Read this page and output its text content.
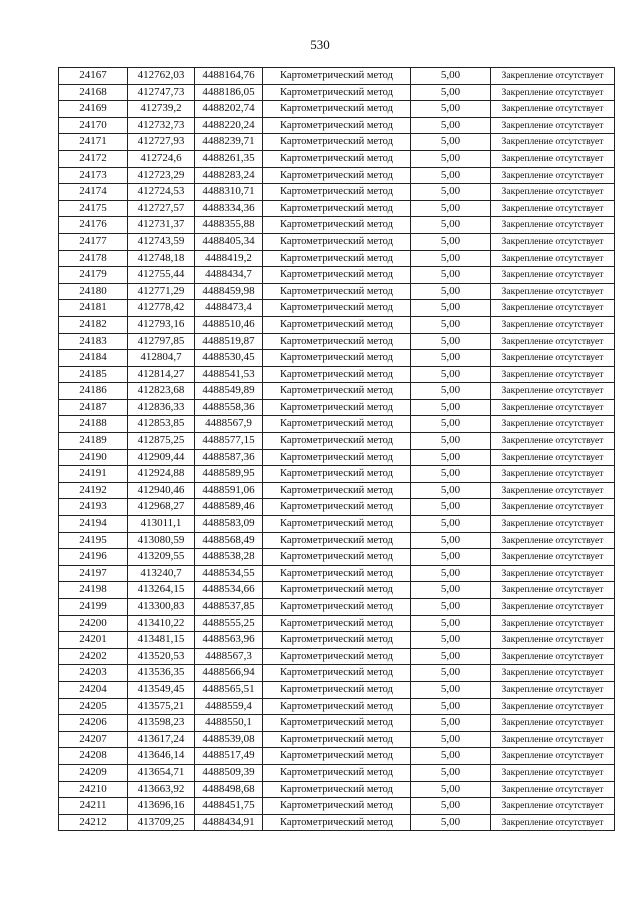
530
24167	412762,03	4488164,76	Картометрический метод	5,00	Закрепление отсутствует
24168	412747,73	4488186,05	Картометрический метод	5,00	Закрепление отсутствует
24169	412739,2	4488202,74	Картометрический метод	5,00	Закрепление отсутствует
24170	412732,73	4488220,24	Картометрический метод	5,00	Закрепление отсутствует
24171	412727,93	4488239,71	Картометрический метод	5,00	Закрепление отсутствует
24172	412724,6	4488261,35	Картометрический метод	5,00	Закрепление отсутствует
24173	412723,29	4488283,24	Картометрический метод	5,00	Закрепление отсутствует
24174	412724,53	4488310,71	Картометрический метод	5,00	Закрепление отсутствует
24175	412727,57	4488334,36	Картометрический метод	5,00	Закрепление отсутствует
24176	412731,37	4488355,88	Картометрический метод	5,00	Закрепление отсутствует
24177	412743,59	4488405,34	Картометрический метод	5,00	Закрепление отсутствует
24178	412748,18	4488419,2	Картометрический метод	5,00	Закрепление отсутствует
24179	412755,44	4488434,7	Картометрический метод	5,00	Закрепление отсутствует
24180	412771,29	4488459,98	Картометрический метод	5,00	Закрепление отсутствует
24181	412778,42	4488473,4	Картометрический метод	5,00	Закрепление отсутствует
24182	412793,16	4488510,46	Картометрический метод	5,00	Закрепление отсутствует
24183	412797,85	4488519,87	Картометрический метод	5,00	Закрепление отсутствует
24184	412804,7	4488530,45	Картометрический метод	5,00	Закрепление отсутствует
24185	412814,27	4488541,53	Картометрический метод	5,00	Закрепление отсутствует
24186	412823,68	4488549,89	Картометрический метод	5,00	Закрепление отсутствует
24187	412836,33	4488558,36	Картометрический метод	5,00	Закрепление отсутствует
24188	412853,85	4488567,9	Картометрический метод	5,00	Закрепление отсутствует
24189	412875,25	4488577,15	Картометрический метод	5,00	Закрепление отсутствует
24190	412909,44	4488587,36	Картометрический метод	5,00	Закрепление отсутствует
24191	412924,88	4488589,95	Картометрический метод	5,00	Закрепление отсутствует
24192	412940,46	4488591,06	Картометрический метод	5,00	Закрепление отсутствует
24193	412968,27	4488589,46	Картометрический метод	5,00	Закрепление отсутствует
24194	413011,1	4488583,09	Картометрический метод	5,00	Закрепление отсутствует
24195	413080,59	4488568,49	Картометрический метод	5,00	Закрепление отсутствует
24196	413209,55	4488538,28	Картометрический метод	5,00	Закрепление отсутствует
24197	413240,7	4488534,55	Картометрический метод	5,00	Закрепление отсутствует
24198	413264,15	4488534,66	Картометрический метод	5,00	Закрепление отсутствует
24199	413300,83	4488537,85	Картометрический метод	5,00	Закрепление отсутствует
24200	413410,22	4488555,25	Картометрический метод	5,00	Закрепление отсутствует
24201	413481,15	4488563,96	Картометрический метод	5,00	Закрепление отсутствует
24202	413520,53	4488567,3	Картометрический метод	5,00	Закрепление отсутствует
24203	413536,35	4488566,94	Картометрический метод	5,00	Закрепление отсутствует
24204	413549,45	4488565,51	Картометрический метод	5,00	Закрепление отсутствует
24205	413575,21	4488559,4	Картометрический метод	5,00	Закрепление отсутствует
24206	413598,23	4488550,1	Картометрический метод	5,00	Закрепление отсутствует
24207	413617,24	4488539,08	Картометрический метод	5,00	Закрепление отсутствует
24208	413646,14	4488517,49	Картометрический метод	5,00	Закрепление отсутствует
24209	413654,71	4488509,39	Картометрический метод	5,00	Закрепление отсутствует
24210	413663,92	4488498,68	Картометрический метод	5,00	Закрепление отсутствует
24211	413696,16	4488451,75	Картометрический метод	5,00	Закрепление отсутствует
24212	413709,25	4488434,91	Картометрический метод	5,00	Закрепление отсутствует
